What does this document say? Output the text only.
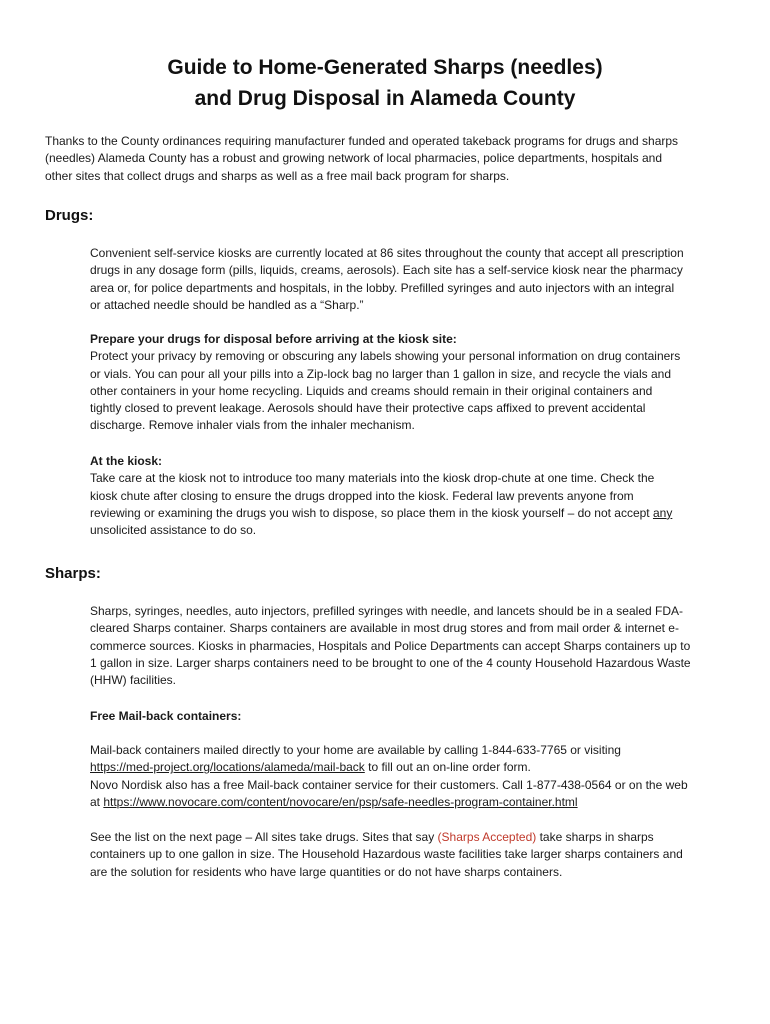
Guide to Home-Generated Sharps (needles)
and Drug Disposal in Alameda County
Thanks to the County ordinances requiring manufacturer funded and operated takeback programs for drugs and sharps
(needles) Alameda County has a robust and growing network of local pharmacies, police departments, hospitals and
other sites that collect drugs and sharps as well as a free mail back program for sharps.
Drugs:
Convenient self-service kiosks are currently located at 86 sites throughout the county that accept all prescription
drugs in any dosage form (pills, liquids, creams, aerosols). Each site has a self-service kiosk near the pharmacy
area or, for police departments and hospitals, in the lobby. Prefilled syringes and auto injectors with an integral
or attached needle should be handled as a “Sharp.”
Prepare your drugs for disposal before arriving at the kiosk site:
Protect your privacy by removing or obscuring any labels showing your personal information on drug containers
or vials. You can pour all your pills into a Zip-lock bag no larger than 1 gallon in size, and recycle the vials and
other containers in your home recycling. Liquids and creams should remain in their original containers and
tightly closed to prevent leakage. Aerosols should have their protective caps affixed to prevent accidental
discharge. Remove inhaler vials from the inhaler mechanism.
At the kiosk:
Take care at the kiosk not to introduce too many materials into the kiosk drop-chute at one time. Check the
kiosk chute after closing to ensure the drugs dropped into the kiosk. Federal law prevents anyone from
reviewing or examining the drugs you wish to dispose, so place them in the kiosk yourself – do not accept any
unsolicited assistance to do so.
Sharps:
Sharps, syringes, needles, auto injectors, prefilled syringes with needle, and lancets should be in a sealed FDA-
cleared Sharps container. Sharps containers are available in most drug stores and from mail order & internet e-
commerce sources. Kiosks in pharmacies, Hospitals and Police Departments can accept Sharps containers up to
1 gallon in size. Larger sharps containers need to be brought to one of the 4 county Household Hazardous Waste
(HHW) facilities.
Free Mail-back containers:
Mail-back containers mailed directly to your home are available by calling 1-844-633-7765 or visiting
https://med-project.org/locations/alameda/mail-back to fill out an on-line order form.
Novo Nordisk also has a free Mail-back container service for their customers. Call 1-877-438-0564 or on the web
at https://www.novocare.com/content/novocare/en/psp/safe-needles-program-container.html
See the list on the next page – All sites take drugs. Sites that say (Sharps Accepted) take sharps in sharps
containers up to one gallon in size. The Household Hazardous waste facilities take larger sharps containers and
are the solution for residents who have large quantities or do not have sharps containers.
